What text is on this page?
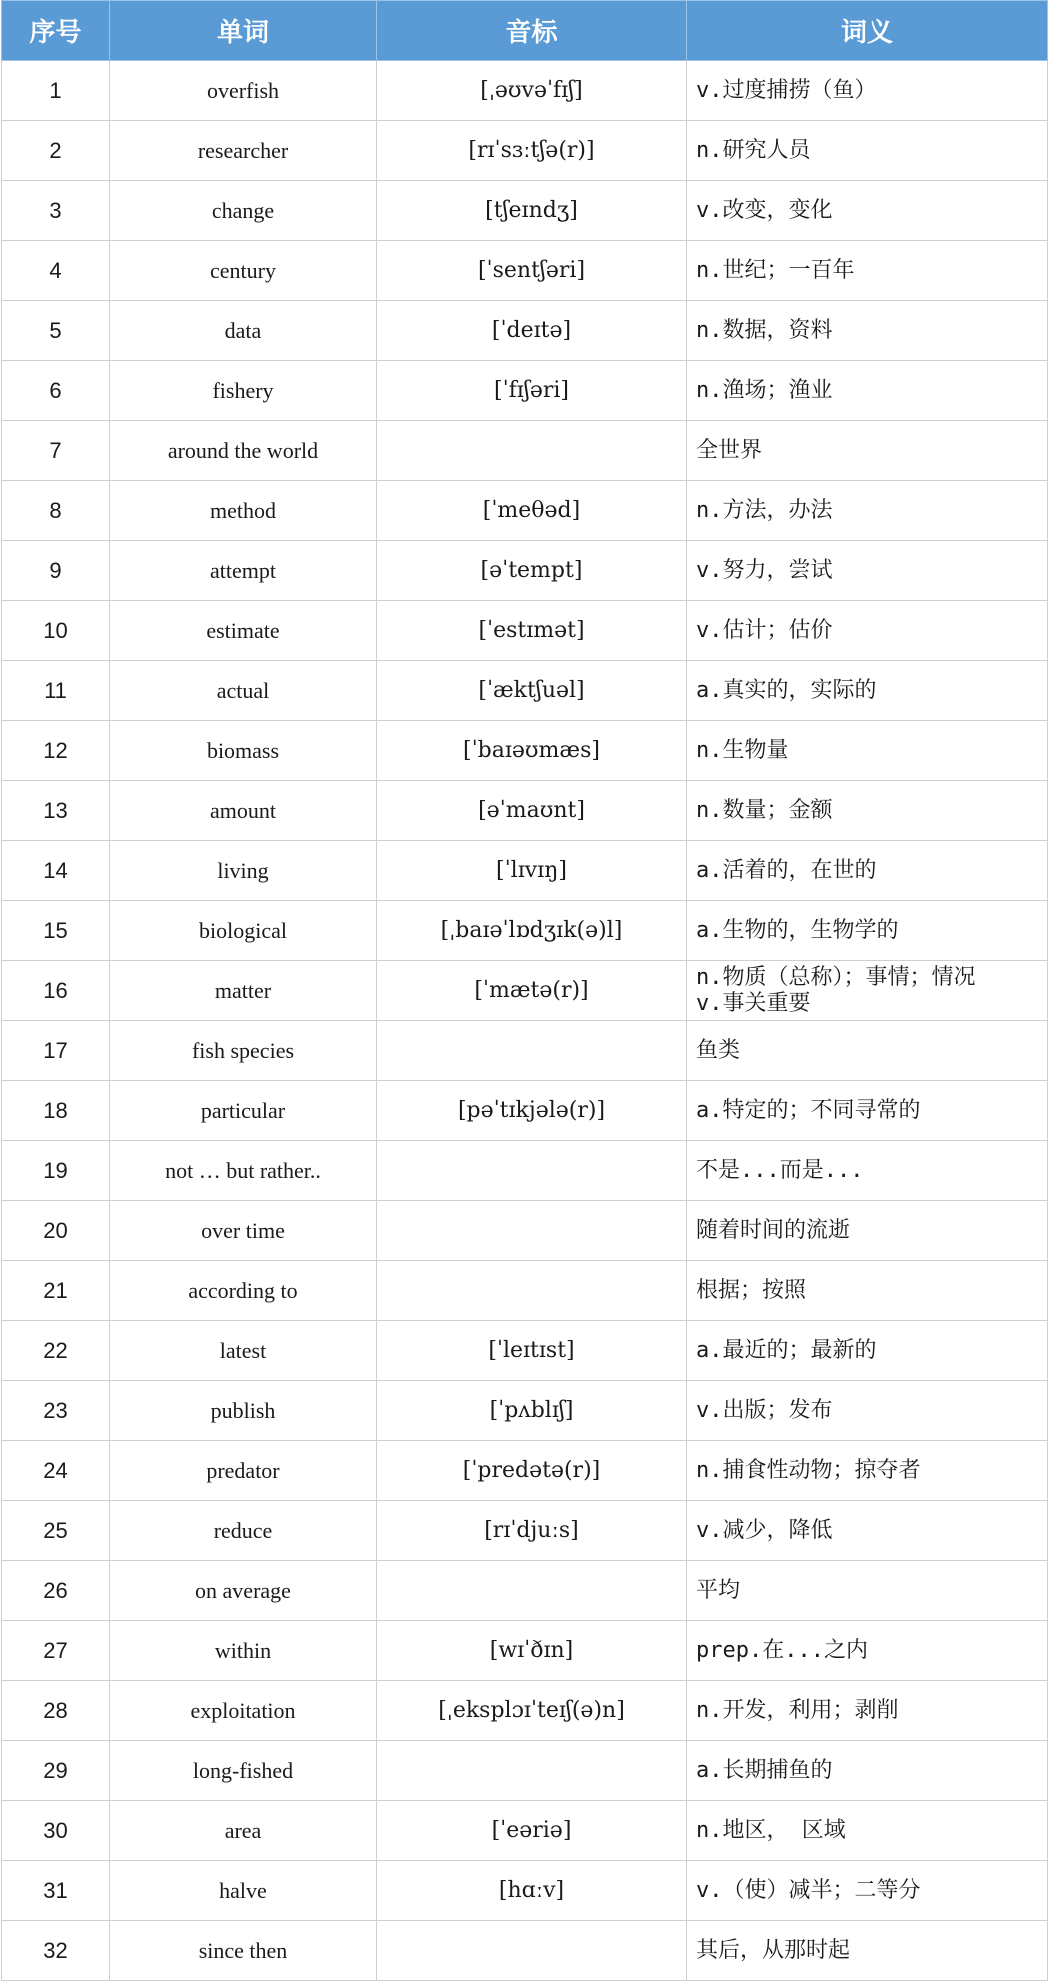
序号	单词	音标	词义
1	overfish	[ˌəʊvəˈfɪʃ]	v.过度捕捞（鱼）
2	researcher	[rɪˈsɜːtʃə(r)]	n.研究人员
3	change	[tʃeɪndʒ]	v.改变，变化
4	century	[ˈsentʃəri]	n.世纪；一百年
5	data	[ˈdeɪtə]	n.数据，资料
6	fishery	[ˈfɪʃəri]	n.渔场；渔业
7	around the world		全世界
8	method	[ˈmeθəd]	n.方法，办法
9	attempt	[əˈtempt]	v.努力，尝试
10	estimate	[ˈestɪmət]	v.估计；估价
11	actual	[ˈæktʃuəl]	a.真实的，实际的
12	biomass	[ˈbaɪəʊmæs]	n.生物量
13	amount	[əˈmaʊnt]	n.数量；金额
14	living	[ˈlɪvɪŋ]	a.活着的，在世的
15	biological	[ˌbaɪəˈlɒdʒɪk(ə)l]	a.生物的，生物学的
16	matter	[ˈmætə(r)]	n.物质（总称）；事情；情况
v.事关重要
17	fish species		鱼类
18	particular	[pəˈtɪkjələ(r)]	a.特定的；不同寻常的
19	not … but rather..		不是...而是...
20	over time		随着时间的流逝
21	according to		根据；按照
22	latest	[ˈleɪtɪst]	a.最近的；最新的
23	publish	[ˈpʌblɪʃ]	v.出版；发布
24	predator	[ˈpredətə(r)]	n.捕食性动物；掠夺者
25	reduce	[rɪˈdjuːs]	v.减少，降低
26	on average		平均
27	within	[wɪˈðɪn]	prep.在...之内
28	exploitation	[ˌeksplɔɪˈteɪʃ(ə)n]	n.开发，利用；剥削
29	long-fished		a.长期捕鱼的
30	area	[ˈeəriə]	n.地区， 区域
31	halve	[hɑːv]	v.（使）减半；二等分
32	since then		其后，从那时起
